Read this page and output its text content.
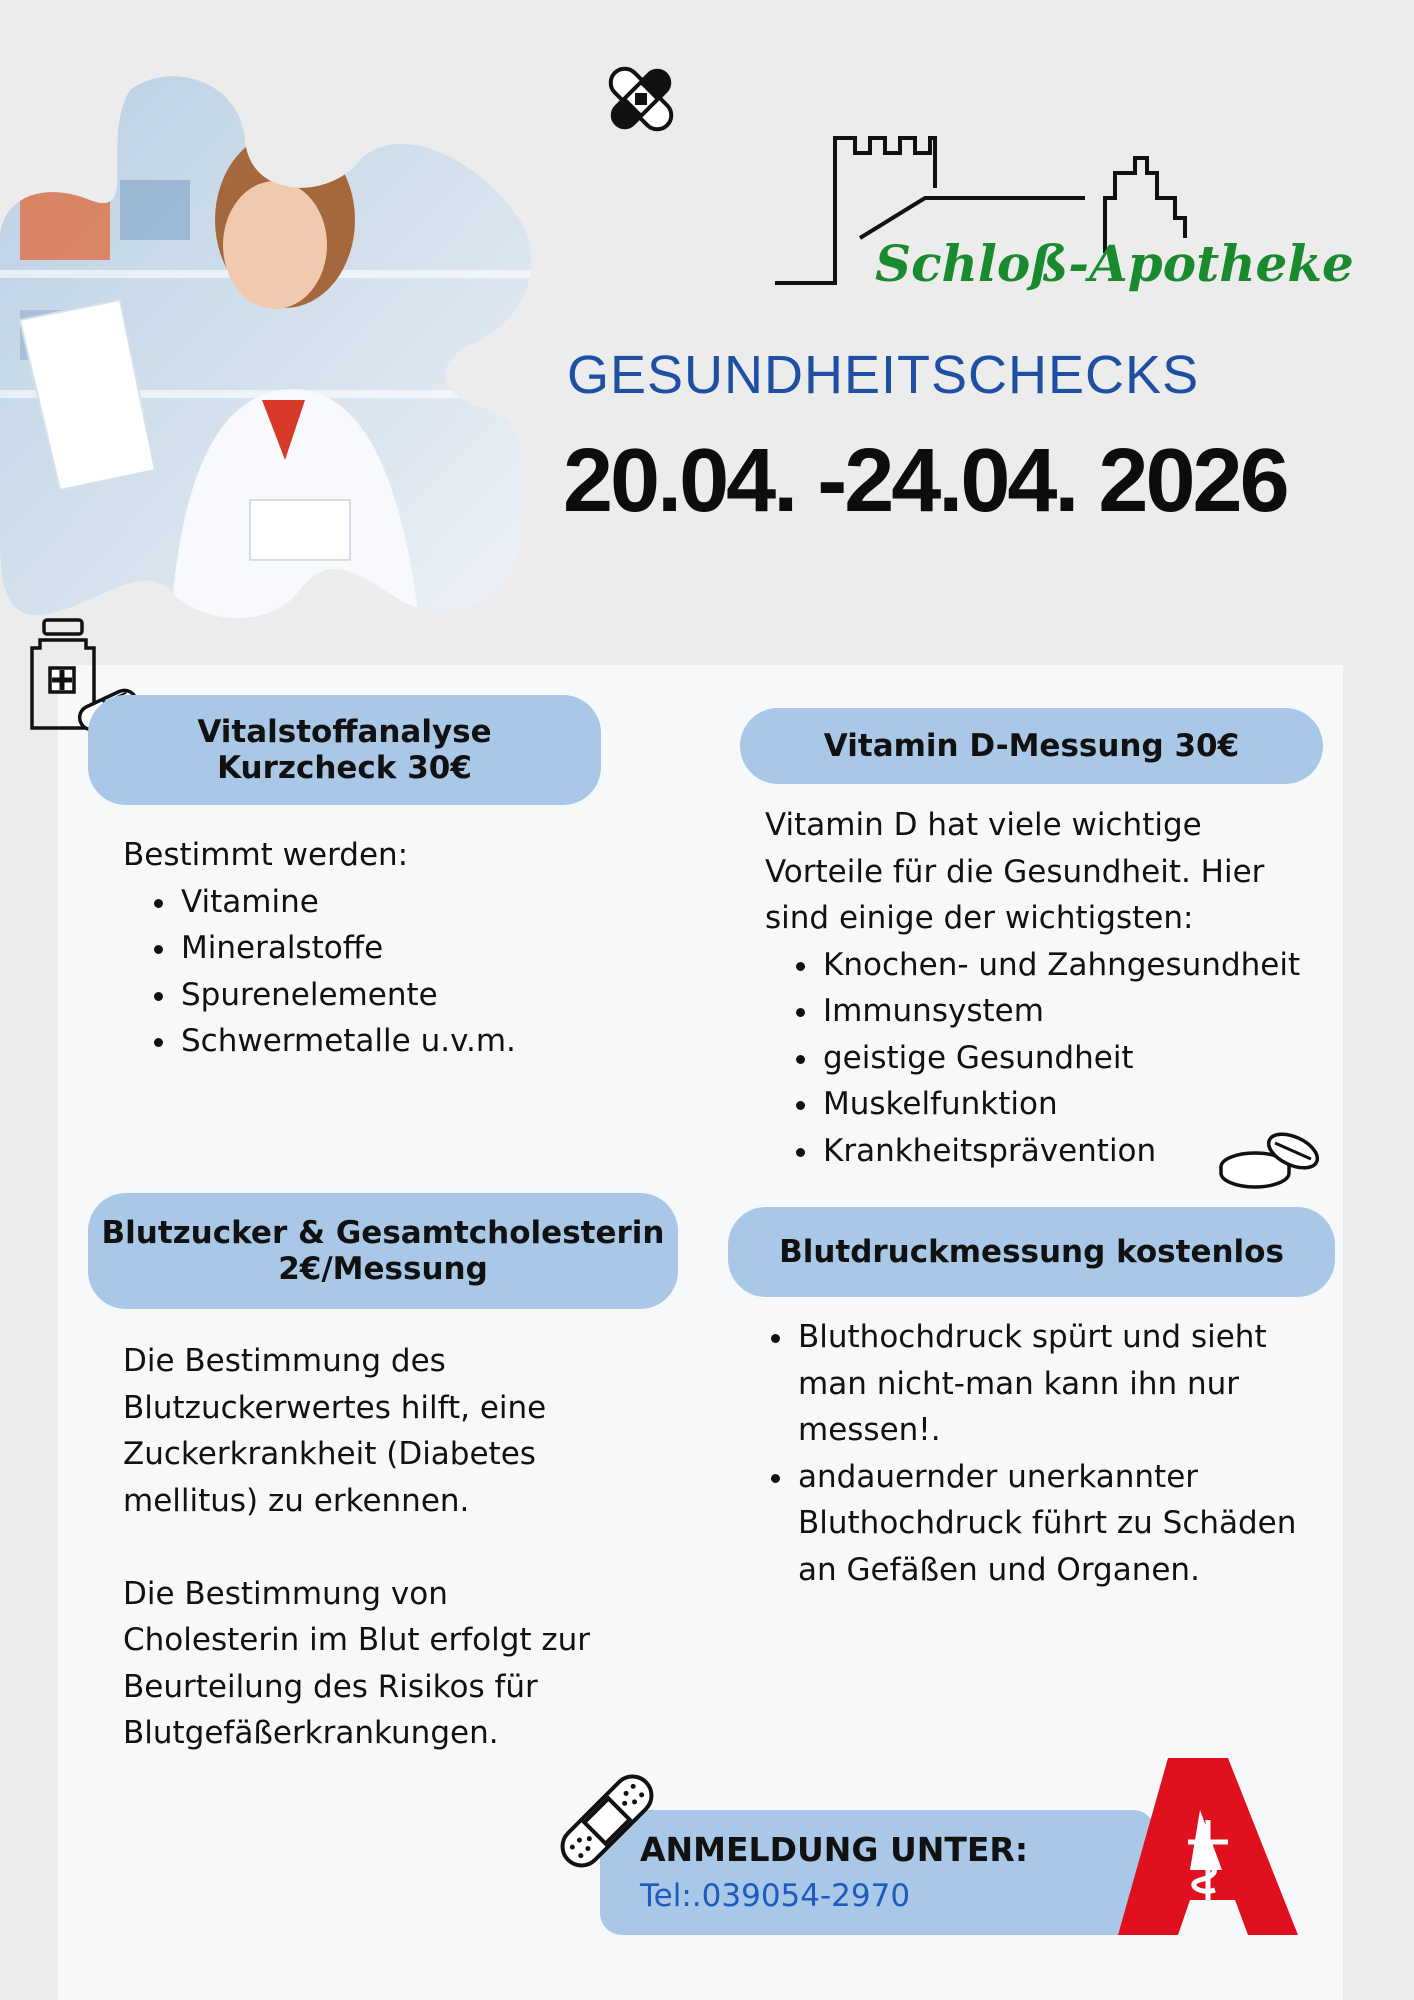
Schloß-Apotheke
GESUNDHEITSCHECKS
20.04. -24.04. 2026
Vitalstoffanalyse
Kurzcheck 30€
Vitamin D-Messung 30€

Bestimmt werden:

• Vitamine
• Mineralstoffe
• Spurenelemente
• Schwermetalle u.v.m.

Vitamin D hat viele wichtige Vorteile für die Gesundheit. Hier sind einige der wichtigsten:

• Knochen- und Zahngesundheit
• Immunsystem
• geistige Gesundheit
• Muskelfunktion
• Krankheitsprävention
Blutzucker & Gesamtcholesterin
2€/Messung	Blutdruckmessung kostenlos

Die Bestimmung des Blutzuckerwertes hilft, eine Zuckerkrankheit (Diabetes mellitus) zu erkennen.

Die Bestimmung von Cholesterin im Blut erfolgt zur Beurteilung des Risikos für Blutgefäßerkrankungen.

• Bluthochdruck spürt und sieht man nicht-man kann ihn nur messen!.
• andauernder unerkannter Bluthochdruck führt zu Schäden an Gefäßen und Organen.
ANMELDUNG UNTER:
Tel:.039054-2970
